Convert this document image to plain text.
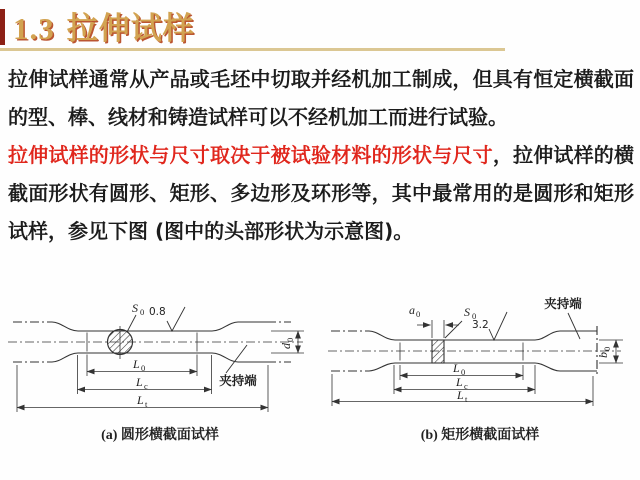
1.3 拉伸试样

拉伸试样通常从产品或毛坯中切取并经机加工制成，但具有恒定横截面的型、棒、线材和铸造试样可以不经机加工而进行试验。

拉伸试样的形状与尺寸取决于被试验材料的形状与尺寸，拉伸试样的横截面形状有圆形、矩形、多边形及环形等，其中最常用的是圆形和矩形试样，参见下图 (图中的头部形状为示意图)。

S 0 0.8
d
0
夹持端
L 0
L c
L t
(a) 圆形横截面试样
a 0	S 0
3.2
夹持端
b
0
L 0
L c
L t
(b) 矩形横截面试样
